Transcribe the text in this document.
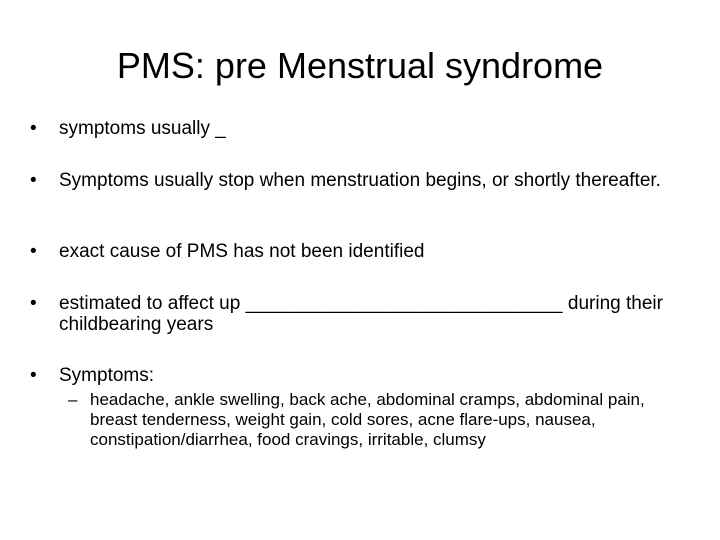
PMS: pre Menstrual syndrome
• symptoms usually _
• Symptoms usually stop when menstruation begins, or shortly thereafter.
• exact cause of PMS has not been identified
• estimated to affect up ______________________________ during their childbearing years
• Symptoms:
– headache, ankle swelling, back ache, abdominal cramps, abdominal pain, breast tenderness, weight gain, cold sores, acne flare-ups, nausea, constipation/diarrhea, food cravings, irritable, clumsy
